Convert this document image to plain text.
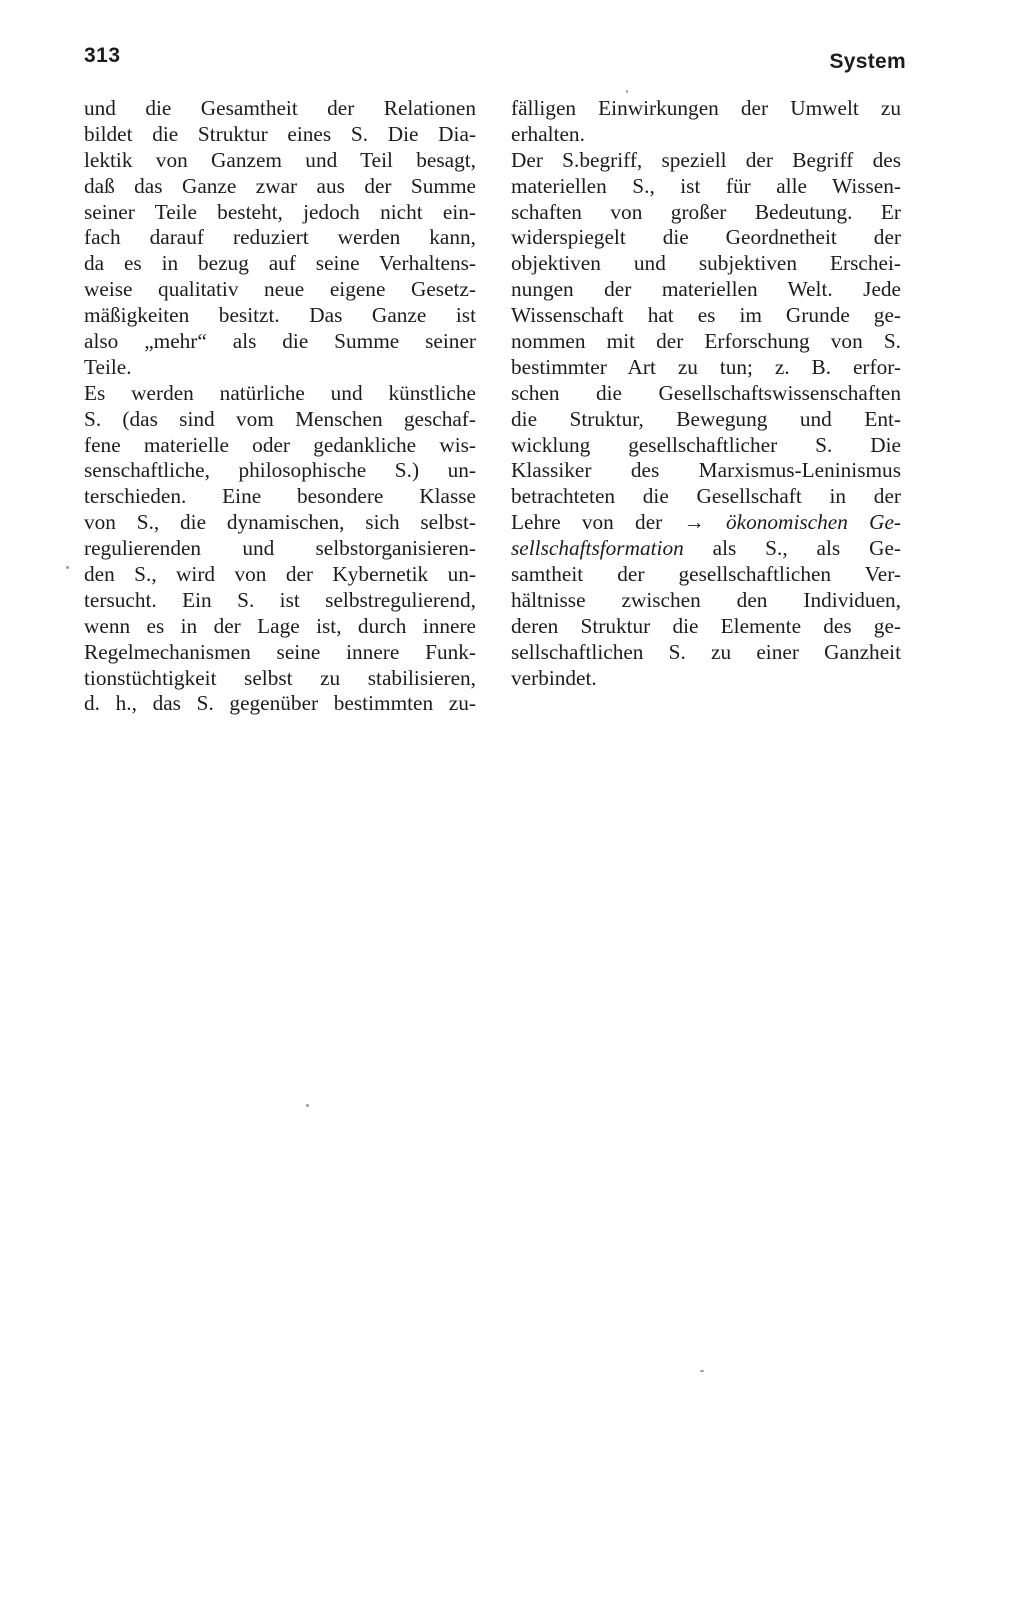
313	System
und die Gesamtheit der Relationen
bildet die Struktur eines S. Die Dia-
lektik von Ganzem und Teil besagt,
daß das Ganze zwar aus der Summe
seiner Teile besteht, jedoch nicht ein-
fach darauf reduziert werden kann,
da es in bezug auf seine Verhaltens-
weise qualitativ neue eigene Gesetz-
mäßigkeiten besitzt. Das Ganze ist
also „mehr“ als die Summe seiner
Teile.
Es werden natürliche und künstliche
S. (das sind vom Menschen geschaf-
fene materielle oder gedankliche wis-
senschaftliche, philosophische S.) un-
terschieden. Eine besondere Klasse
von S., die dynamischen, sich selbst-
regulierenden und selbstorganisieren-
den S., wird von der Kybernetik un-
tersucht. Ein S. ist selbstregulierend,
wenn es in der Lage ist, durch innere
Regelmechanismen seine innere Funk-
tionstüchtigkeit selbst zu stabilisieren,
d. h., das S. gegenüber bestimmten zu-
fälligen Einwirkungen der Umwelt zu
erhalten.
Der S.begriff, speziell der Begriff des
materiellen S., ist für alle Wissen-
schaften von großer Bedeutung. Er
widerspiegelt die Geordnetheit der
objektiven und subjektiven Erschei-
nungen der materiellen Welt. Jede
Wissenschaft hat es im Grunde ge-
nommen mit der Erforschung von S.
bestimmter Art zu tun; z. B. erfor-
schen die Gesellschaftswissenschaften
die Struktur, Bewegung und Ent-
wicklung gesellschaftlicher S. Die
Klassiker des Marxismus-Leninismus
betrachteten die Gesellschaft in der
Lehre von der → ökonomischen Ge-
sellschaftsformation als S., als Ge-
samtheit der gesellschaftlichen Ver-
hältnisse zwischen den Individuen,
deren Struktur die Elemente des ge-
sellschaftlichen S. zu einer Ganzheit
verbindet.
